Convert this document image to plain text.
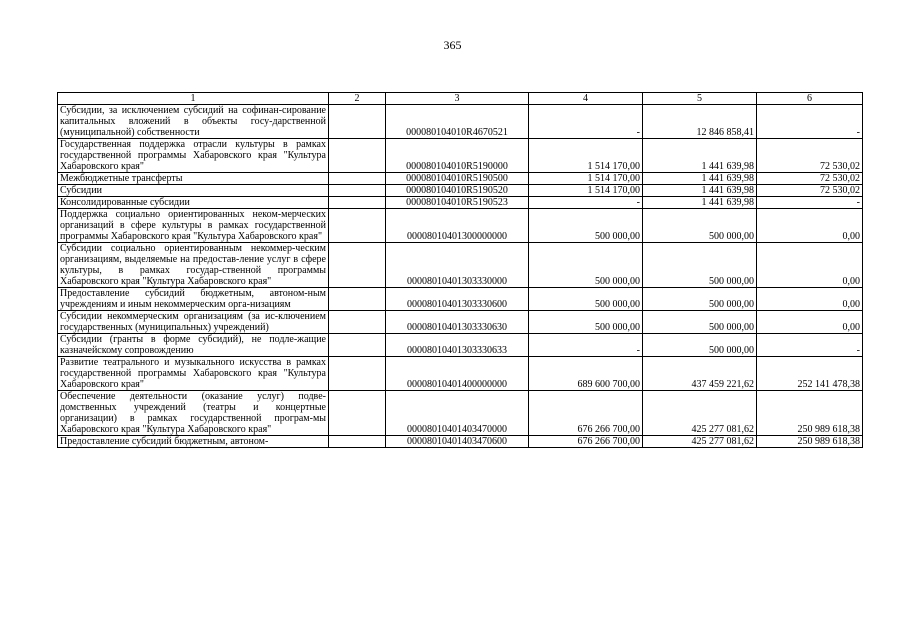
365
1	2	3	4	5	6
Субсидии, за исключением субсидий на софинан-сирование капитальных вложений в объекты госу-дарственной (муниципальной) собственности		000080104010R4670521	-	12 846 858,41	-
Государственная поддержка отрасли культуры в рамках государственной программы Хабаровского края "Культура Хабаровского края"		000080104010R5190000	1 514 170,00	1 441 639,98	72 530,02
Межбюджетные трансферты		000080104010R5190500	1 514 170,00	1 441 639,98	72 530,02
Субсидии		000080104010R5190520	1 514 170,00	1 441 639,98	72 530,02
Консолидированные субсидии		000080104010R5190523	-	1 441 639,98	-
Поддержка социально ориентированных неком-мерческих организаций в сфере культуры в рамках государственной программы Хабаровского края "Культура Хабаровского края"		00008010401300000000	500 000,00	500 000,00	0,00
Субсидии социально ориентированным некоммер-ческим организациям, выделяемые на предостав-ление услуг в сфере культуры, в рамках государ-ственной программы Хабаровского края "Культура Хабаровского края"		00008010401303330000	500 000,00	500 000,00	0,00
Предоставление субсидий бюджетным, автоном-ным учреждениям и иным некоммерческим орга-низациям		00008010401303330600	500 000,00	500 000,00	0,00
Субсидии некоммерческим организациям (за ис-ключением государственных (муниципальных) учреждений)		00008010401303330630	500 000,00	500 000,00	0,00
Субсидии (гранты в форме субсидий), не подле-жащие казначейскому сопровождению		00008010401303330633	-	500 000,00	-
Развитие театрального и музыкального искусства в рамках государственной программы Хабаровского края "Культура Хабаровского края"		00008010401400000000	689 600 700,00	437 459 221,62	252 141 478,38
Обеспечение деятельности (оказание услуг) подве-домственных учреждений (театры и концертные организации) в рамках государственной програм-мы Хабаровского края "Культура Хабаровского края"		00008010401403470000	676 266 700,00	425 277 081,62	250 989 618,38
Предоставление субсидий бюджетным, автоном-		00008010401403470600	676 266 700,00	425 277 081,62	250 989 618,38
